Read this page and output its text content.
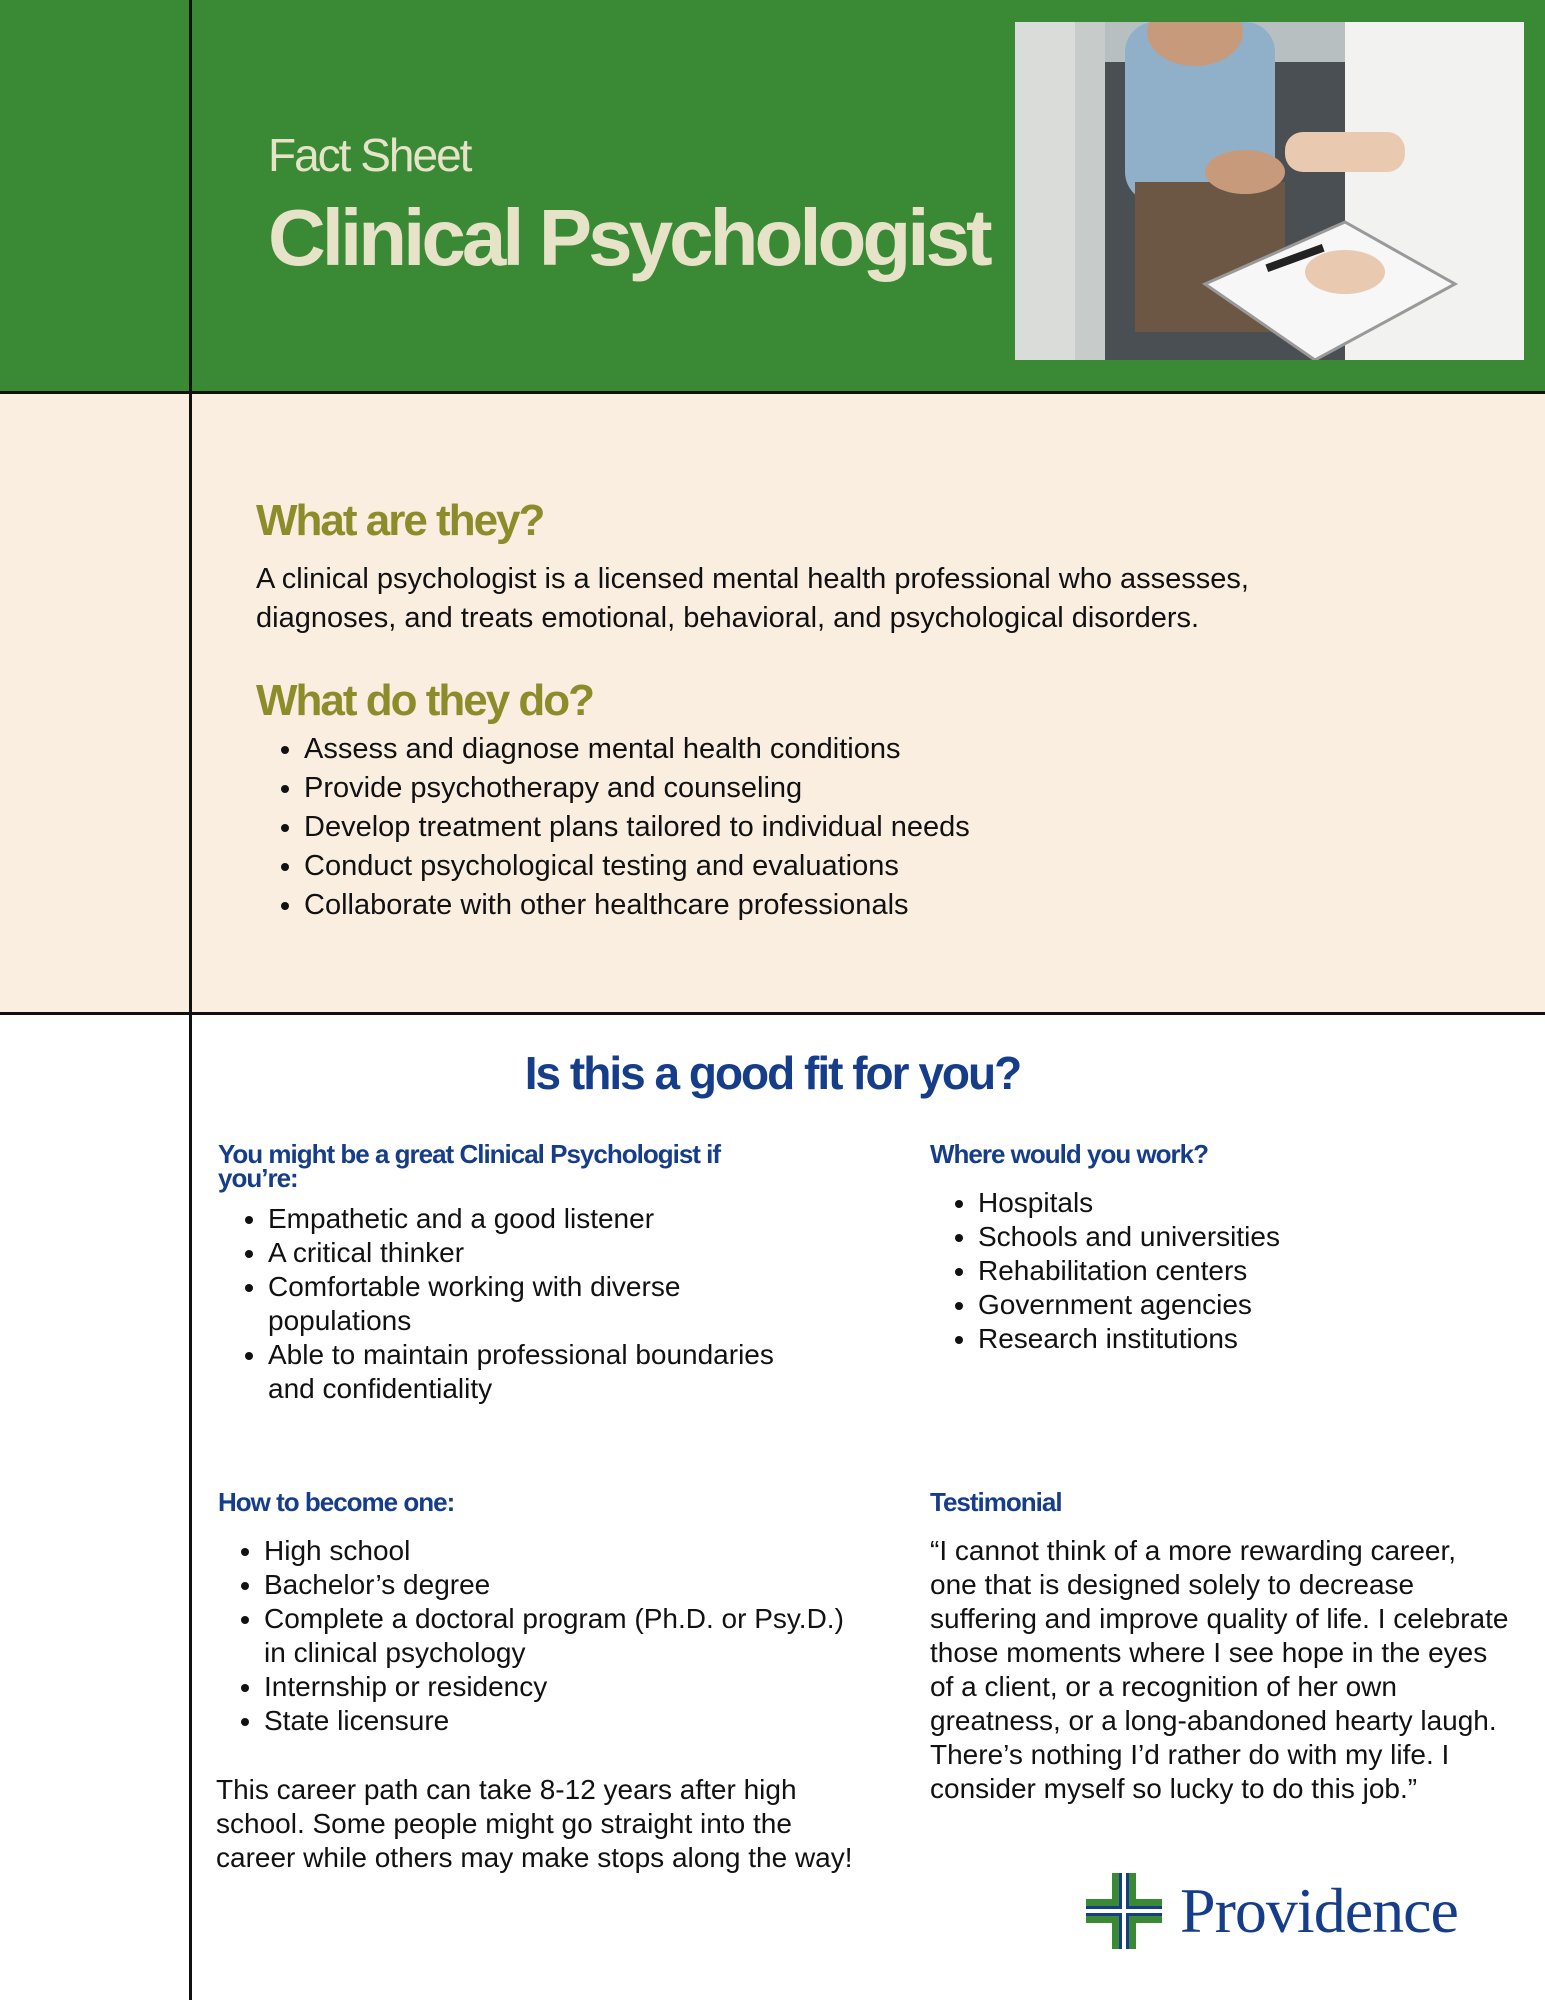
Fact Sheet
Clinical Psychologist
What are they?
A clinical psychologist is a licensed mental health professional who assesses, diagnoses, and treats emotional, behavioral, and psychological disorders.
What do they do?
• Assess and diagnose mental health conditions
• Provide psychotherapy and counseling
• Develop treatment plans tailored to individual needs
• Conduct psychological testing and evaluations
• Collaborate with other healthcare professionals
Is this a good fit for you?
You might be a great Clinical Psychologist if you’re:
• Empathetic and a good listener
• A critical thinker
• Comfortable working with diverse populations
• Able to maintain professional boundaries and confidentiality
Where would you work?
• Hospitals
• Schools and universities
• Rehabilitation centers
• Government agencies
• Research institutions
How to become one:
• High school
• Bachelor’s degree
• Complete a doctoral program (Ph.D. or Psy.D.) in clinical psychology
• Internship or residency
• State licensure
This career path can take 8-12 years after high school. Some people might go straight into the career while others may make stops along the way!
Testimonial
“I cannot think of a more rewarding career, one that is designed solely to decrease suffering and improve quality of life. I celebrate those moments where I see hope in the eyes of a client, or a recognition of her own greatness, or a long-abandoned hearty laugh. There’s nothing I’d rather do with my life. I consider myself so lucky to do this job.”
Providence
